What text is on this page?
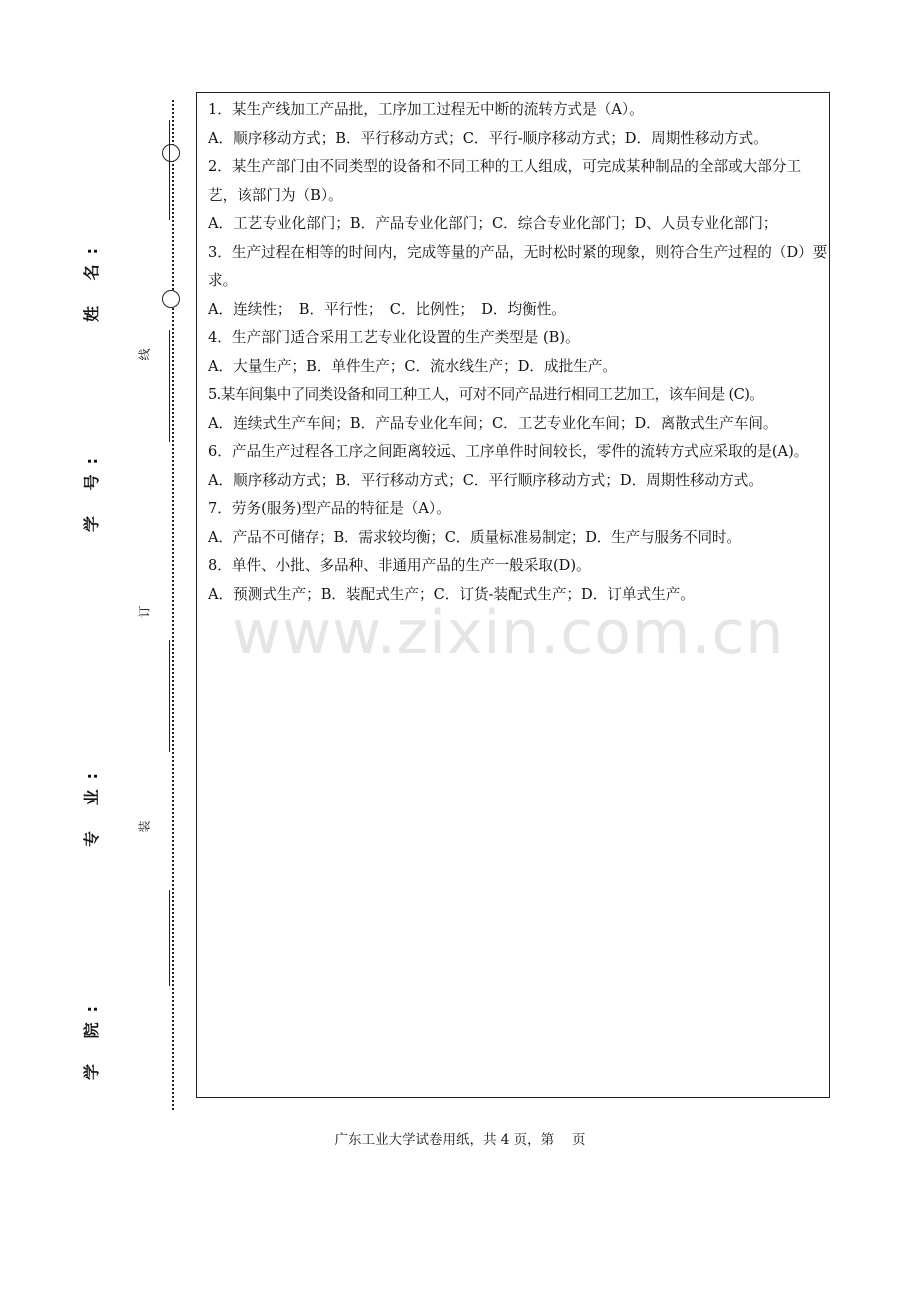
线
订
装
姓 名:
学 号:
专 业:
学 院:

1．某生产线加工产品批，工序加工过程无中断的流转方式是（A）。

A．顺序移动方式；B．平行移动方式；C．平行-顺序移动方式；D．周期性移动方式。

2．某生产部门由不同类型的设备和不同工种的工人组成，可完成某种制品的全部或大部分工艺，该部门为（B）。

A．工艺专业化部门；B．产品专业化部门；C．综合专业化部门；D、人员专业化部门；

3．生产过程在相等的时间内，完成等量的产品，无时松时紧的现象，则符合生产过程的（D）要求。

A．连续性；　B．平行性；　C．比例性；　D．均衡性。

4．生产部门适合采用工艺专业化设置的生产类型是 (B)。

A．大量生产；B．单件生产；C．流水线生产；D．成批生产。

5.某车间集中了同类设备和同工种工人，可对不同产品进行相同工艺加工，该车间是 (C)。

A．连续式生产车间；B．产品专业化车间；C．工艺专业化车间；D．离散式生产车间。

6．产品生产过程各工序之间距离较远、工序单件时间较长，零件的流转方式应采取的是(A)。

A．顺序移动方式；B．平行移动方式；C．平行顺序移动方式；D．周期性移动方式。

7．劳务(服务)型产品的特征是（A）。

A．产品不可储存；B．需求较均衡；C．质量标准易制定；D．生产与服务不同时。

8．单件、小批、多品种、非通用产品的生产一般采取(D)。

A．预测式生产；B．装配式生产；C．订货-装配式生产；D．订单式生产。

www.zixin.com.cn
广东工业大学试卷用纸，共 4 页，第　 页
